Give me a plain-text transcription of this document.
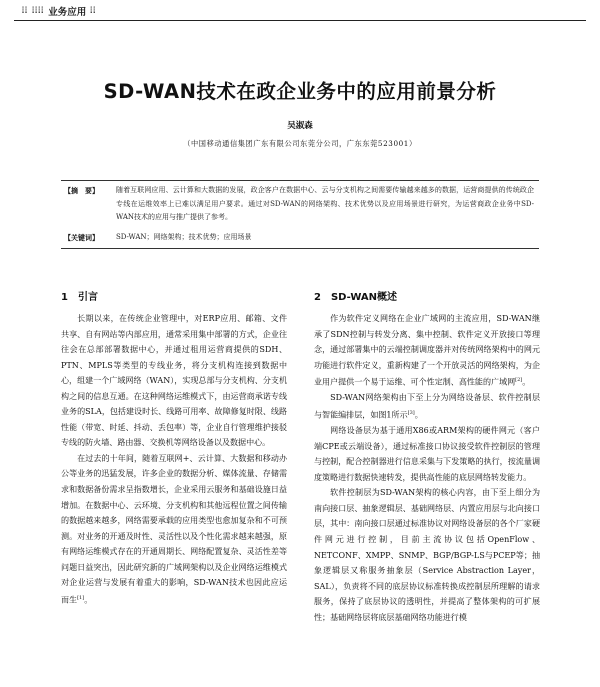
⦙⦙ ⦙⦙⦙⦙ 业务应用 ⦙⦙
SD-WAN技术在政企业务中的应用前景分析
吴淑森
（中国移动通信集团广东有限公司东莞分公司，广东东莞523001）
【摘　要】	随着互联网应用、云计算和大数据的发展，政企客户在数据中心、云与分支机构之间需要传输越来越多的数据，运营商提供的传统政企专线在运维效率上已难以满足用户要求。通过对SD-WAN的网络架构、技术优势以及应用场景进行研究，为运营商政企业务中SD-WAN技术的应用与推广提供了参考。
【关键词】	SD-WAN；网络架构；技术优势；应用场景
1　引言

长期以来，在传统企业管理中，对ERP应用、邮箱、文件共享、自有网站等内部应用，通常采用集中部署的方式，企业往往会在总部部署数据中心，并通过租用运营商提供的SDH、PTN、MPLS等类型的专线业务，将分支机构连接到数据中心，组建一个广域网络（WAN），实现总部与分支机构、分支机构之间的信息互通。在这种网络运维模式下，由运营商承诺专线业务的SLA，包括建设时长、线路可用率、故障修复时限、线路性能（带宽、时延、抖动、丢包率）等，企业自行管理维护接驳专线的防火墙、路由器、交换机等网络设备以及数据中心。

在过去的十年间，随着互联网+、云计算、大数据和移动办公等业务的迅猛发展，许多企业的数据分析、媒体流量、存储需求和数据备份需求呈指数增长，企业采用云服务和基础设施日益增加。在数据中心、云环境、分支机构和其他远程位置之间传输的数据越来越多，网络需要承载的应用类型也愈加复杂和不可预测。对业务的开通及时性、灵活性以及个性化需求越来越强，原有网络运维模式存在的开通周期长、网络配置复杂、灵活性差等问题日益突出，因此研究新的广域网架构以及企业网络运维模式对企业运营与发展有着重大的影响，SD-WAN技术也因此应运而生[1]。

2　SD-WAN概述

作为软件定义网络在企业广域网的主流应用，SD-WAN继承了SDN控制与转发分离、集中控制、软件定义开放接口等理念，通过部署集中的云端控制调度器并对传统网络架构中的网元功能进行软件定义，重新构建了一个开放灵活的网络架构，为企业用户提供一个易于运维、可个性定制、高性能的广域网[2]。

SD-WAN网络架构由下至上分为网络设备层、软件控制层与智能编排层，如图1所示[3]。

网络设备层为基于通用X86或ARM架构的硬件网元（客户端CPE或云端设备），通过标准接口协议接受软件控制层的管理与控制，配合控制器进行信息采集与下发策略的执行，按流量调度策略进行数据快速转发，提供高性能的底层网络转发能力。

软件控制层为SD-WAN架构的核心内容，由下至上细分为南向接口层、抽象逻辑层、基础网络层、内置应用层与北向接口层，其中：南向接口层通过标准协议对网络设备层的各个厂家硬件网元进行控制，目前主流协议包括OpenFlow、NETCONF、XMPP、SNMP、BGP/BGP-LS与PCEP等；抽象逻辑层又称服务抽象层（Service Abstraction Layer，SAL），负责将不同的底层协议标准转换成控制层所理解的请求服务，保持了底层协议的透明性，并提高了整体架构的可扩展性；基础网络层将底层基础网络功能进行模
